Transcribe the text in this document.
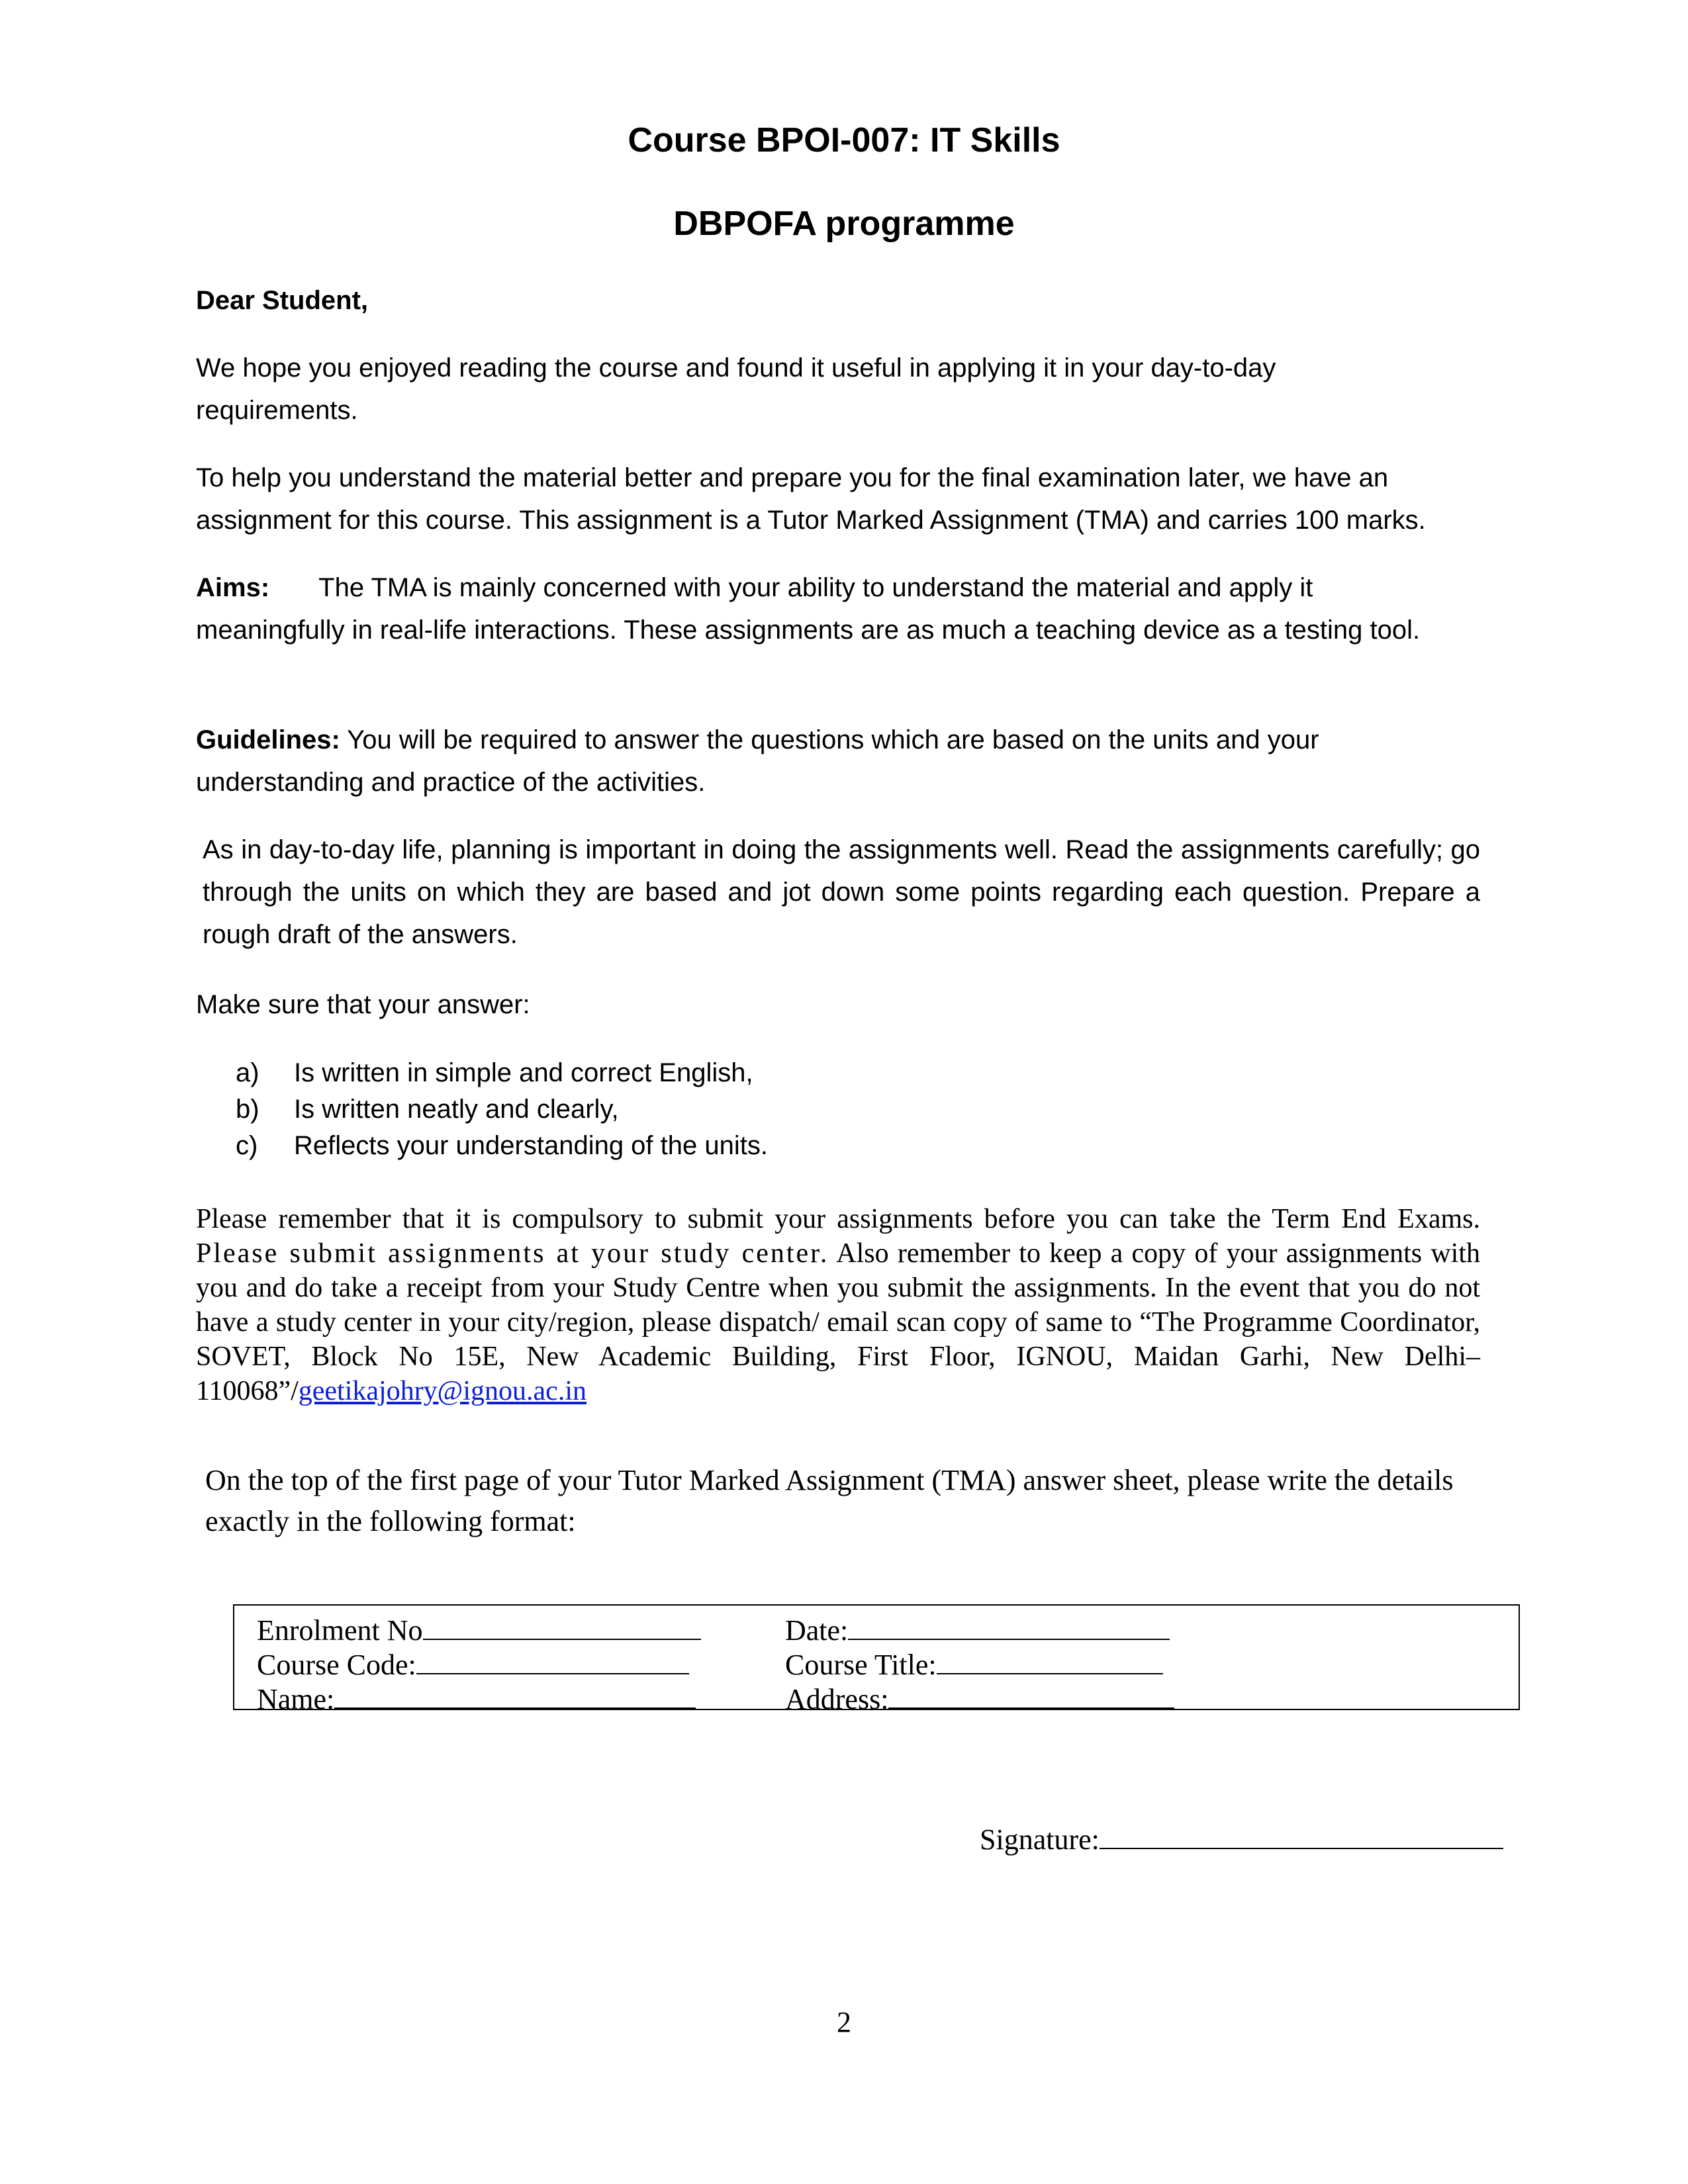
Course BPOI-007: IT Skills
DBPOFA programme

Dear Student,

We hope you enjoyed reading the course and found it useful in applying it in your day-to-day requirements.

To help you understand the material better and prepare you for the final examination later, we have an assignment for this course. This assignment is a Tutor Marked Assignment (TMA) and carries 100 marks.

Aims: The TMA is mainly concerned with your ability to understand the material and apply it meaningfully in real-life interactions. These assignments are as much a teaching device as a testing tool.

Guidelines: You will be required to answer the questions which are based on the units and your understanding and practice of the activities.

As in day-to-day life, planning is important in doing the assignments well. Read the assignments carefully; go through the units on which they are based and jot down some points regarding each question. Prepare a rough draft of the answers.

Make sure that your answer:

a)	Is written in simple and correct English,
b)	Is written neatly and clearly,
c)	Reflects your understanding of the units.

Please remember that it is compulsory to submit your assignments before you can take the Term End Exams. Please submit assignments at your study center. Also remember to keep a copy of your assignments with you and do take a receipt from your Study Centre when you submit the assignments. In the event that you do not have a study center in your city/region, please dispatch/ email scan copy of same to “The Programme Coordinator, SOVET, Block No 15E, New Academic Building, First Floor, IGNOU, Maidan Garhi, New Delhi–110068”/geetikajohry@ignou.ac.in

On the top of the first page of your Tutor Marked Assignment (TMA) answer sheet, please write the details exactly in the following format:

Enrolment No	Date:
Course Code:	Course Title:
Name:	Address:
Signature:

2
